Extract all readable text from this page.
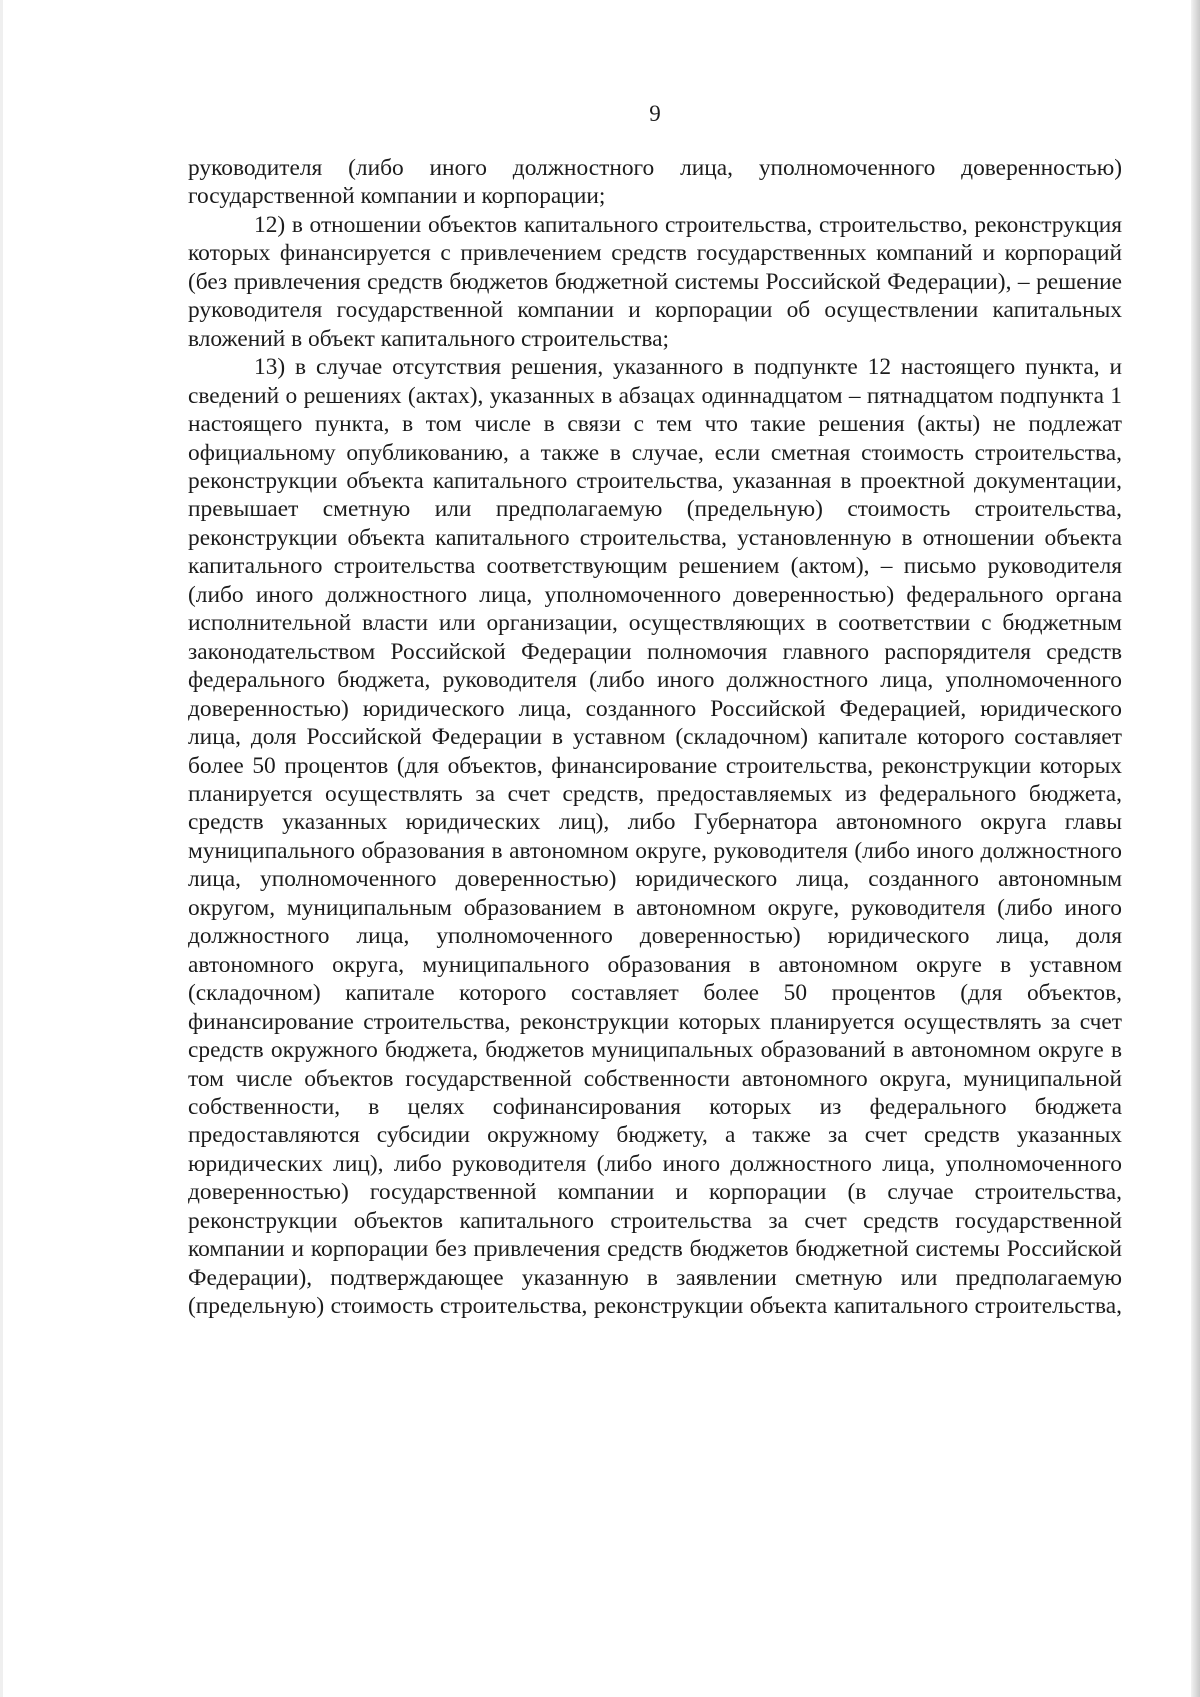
9

руководителя (либо иного должностного лица, уполномоченного доверенностью) государственной компании и корпорации;

12) в отношении объектов капитального строительства, строительство, реконструкция которых финансируется с привлечением средств государственных компаний и корпораций (без привлечения средств бюджетов бюджетной системы Российской Федерации), – решение руководителя государственной компании и корпорации об осуществлении капитальных вложений в объект капитального строительства;

13) в случае отсутствия решения, указанного в подпункте 12 настоящего пункта, и сведений о решениях (актах), указанных в абзацах одиннадцатом – пятнадцатом подпункта 1 настоящего пункта, в том числе в связи с тем что такие решения (акты) не подлежат официальному опубликованию, а также в случае, если сметная стоимость строительства, реконструкции объекта капитального строительства, указанная в проектной документации, превышает сметную или предполагаемую (предельную) стоимость строительства, реконструкции объекта капитального строительства, установленную в отношении объекта капитального строительства соответствующим решением (актом), – письмо руководителя (либо иного должностного лица, уполномоченного доверенностью) федерального органа исполнительной власти или организации, осуществляющих в соответствии с бюджетным законодательством Российской Федерации полномочия главного распорядителя средств федерального бюджета, руководителя (либо иного должностного лица, уполномоченного доверенностью) юридического лица, созданного Российской Федерацией, юридического лица, доля Российской Федерации в уставном (складочном) капитале которого составляет более 50 процентов (для объектов, финансирование строительства, реконструкции которых планируется осуществлять за счет средств, предоставляемых из федерального бюджета, средств указанных юридических лиц), либо Губернатора автономного округа главы муниципального образования в автономном округе, руководителя (либо иного должностного лица, уполномоченного доверенностью) юридического лица, созданного автономным округом, муниципальным образованием в автономном округе, руководителя (либо иного должностного лица, уполномоченного доверенностью) юридического лица, доля автономного округа, муниципального образования в автономном округе в уставном (складочном) капитале которого составляет более 50 процентов (для объектов, финансирование строительства, реконструкции которых планируется осуществлять за счет средств окружного бюджета, бюджетов муниципальных образований в автономном округе в том числе объектов государственной собственности автономного округа, муниципальной собственности, в целях софинансирования которых из федерального бюджета предоставляются субсидии окружному бюджету, а также за счет средств указанных юридических лиц), либо руководителя (либо иного должностного лица, уполномоченного доверенностью) государственной компании и корпорации (в случае строительства, реконструкции объектов капитального строительства за счет средств государственной компании и корпорации без привлечения средств бюджетов бюджетной системы Российской Федерации), подтверждающее указанную в заявлении сметную или предполагаемую (предельную) стоимость строительства, реконструкции объекта капитального строительства,
